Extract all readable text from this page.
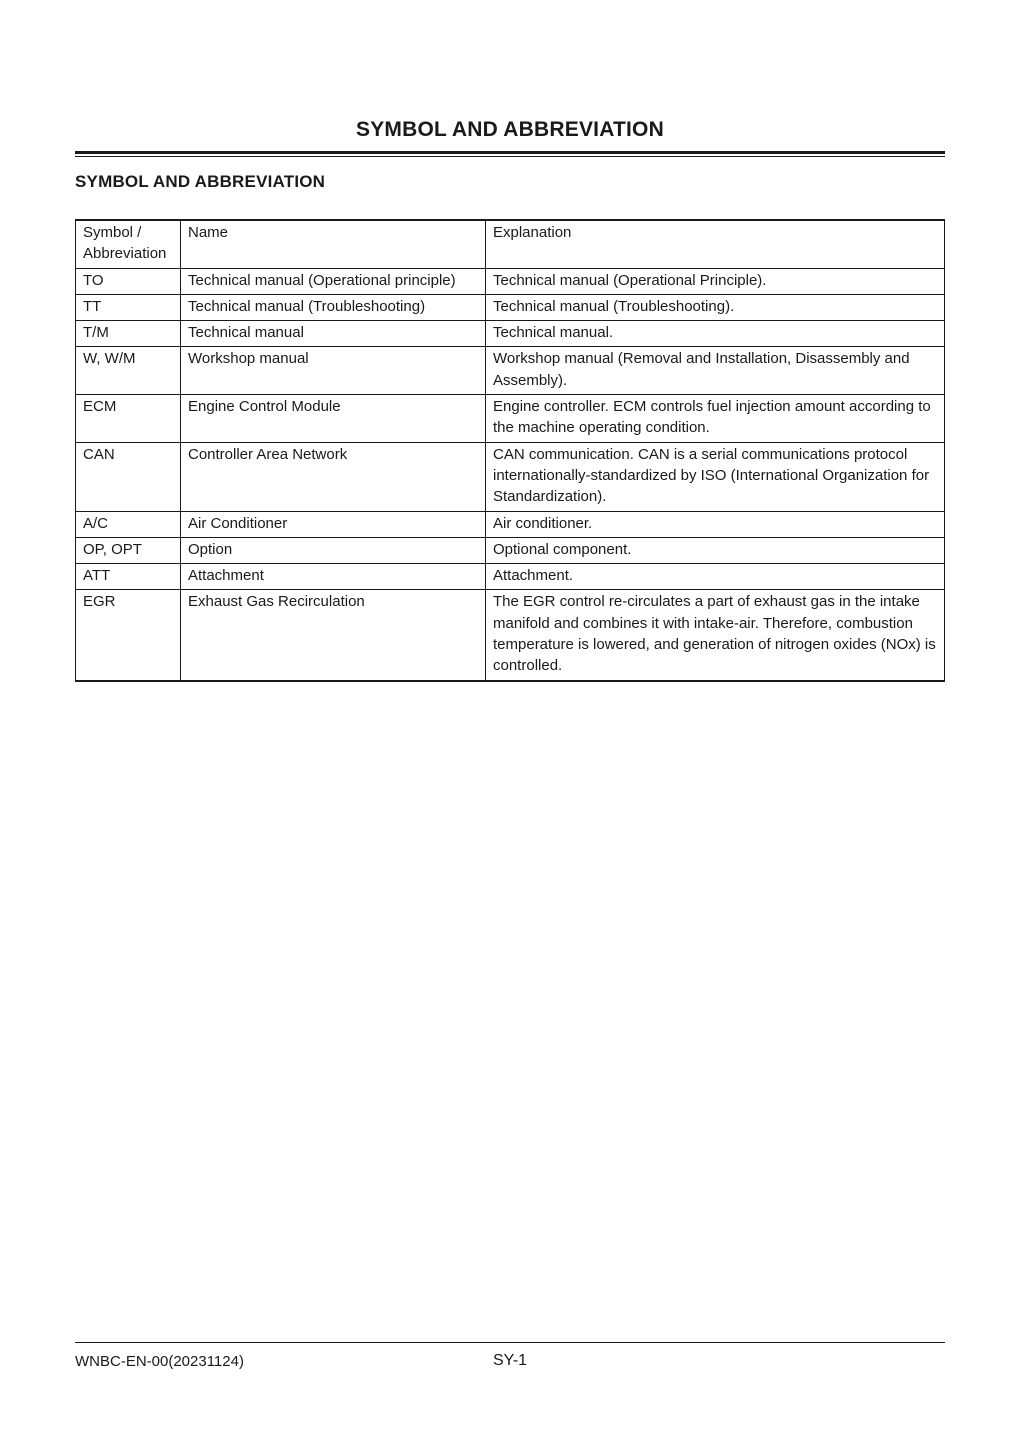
SYMBOL AND ABBREVIATION
SYMBOL AND ABBREVIATION
Symbol / Abbreviation	Name	Explanation
TO	Technical manual (Operational principle)	Technical manual (Operational Principle).
TT	Technical manual (Troubleshooting)	Technical manual (Troubleshooting).
T/M	Technical manual	Technical manual.
W, W/M	Workshop manual	Workshop manual (Removal and Installation, Disassembly and Assembly).
ECM	Engine Control Module	Engine controller. ECM controls fuel injection amount according to the machine operating condition.
CAN	Controller Area Network	CAN communication. CAN is a serial communications protocol internationally-standardized by ISO (International Organization for Standardization).
A/C	Air Conditioner	Air conditioner.
OP, OPT	Option	Optional component.
ATT	Attachment	Attachment.
EGR	Exhaust Gas Recirculation	The EGR control re-circulates a part of exhaust gas in the intake manifold and combines it with intake-air. Therefore, combustion temperature is lowered, and generation of nitrogen oxides (NOx) is controlled.
WNBC-EN-00(20231124)	SY-1
